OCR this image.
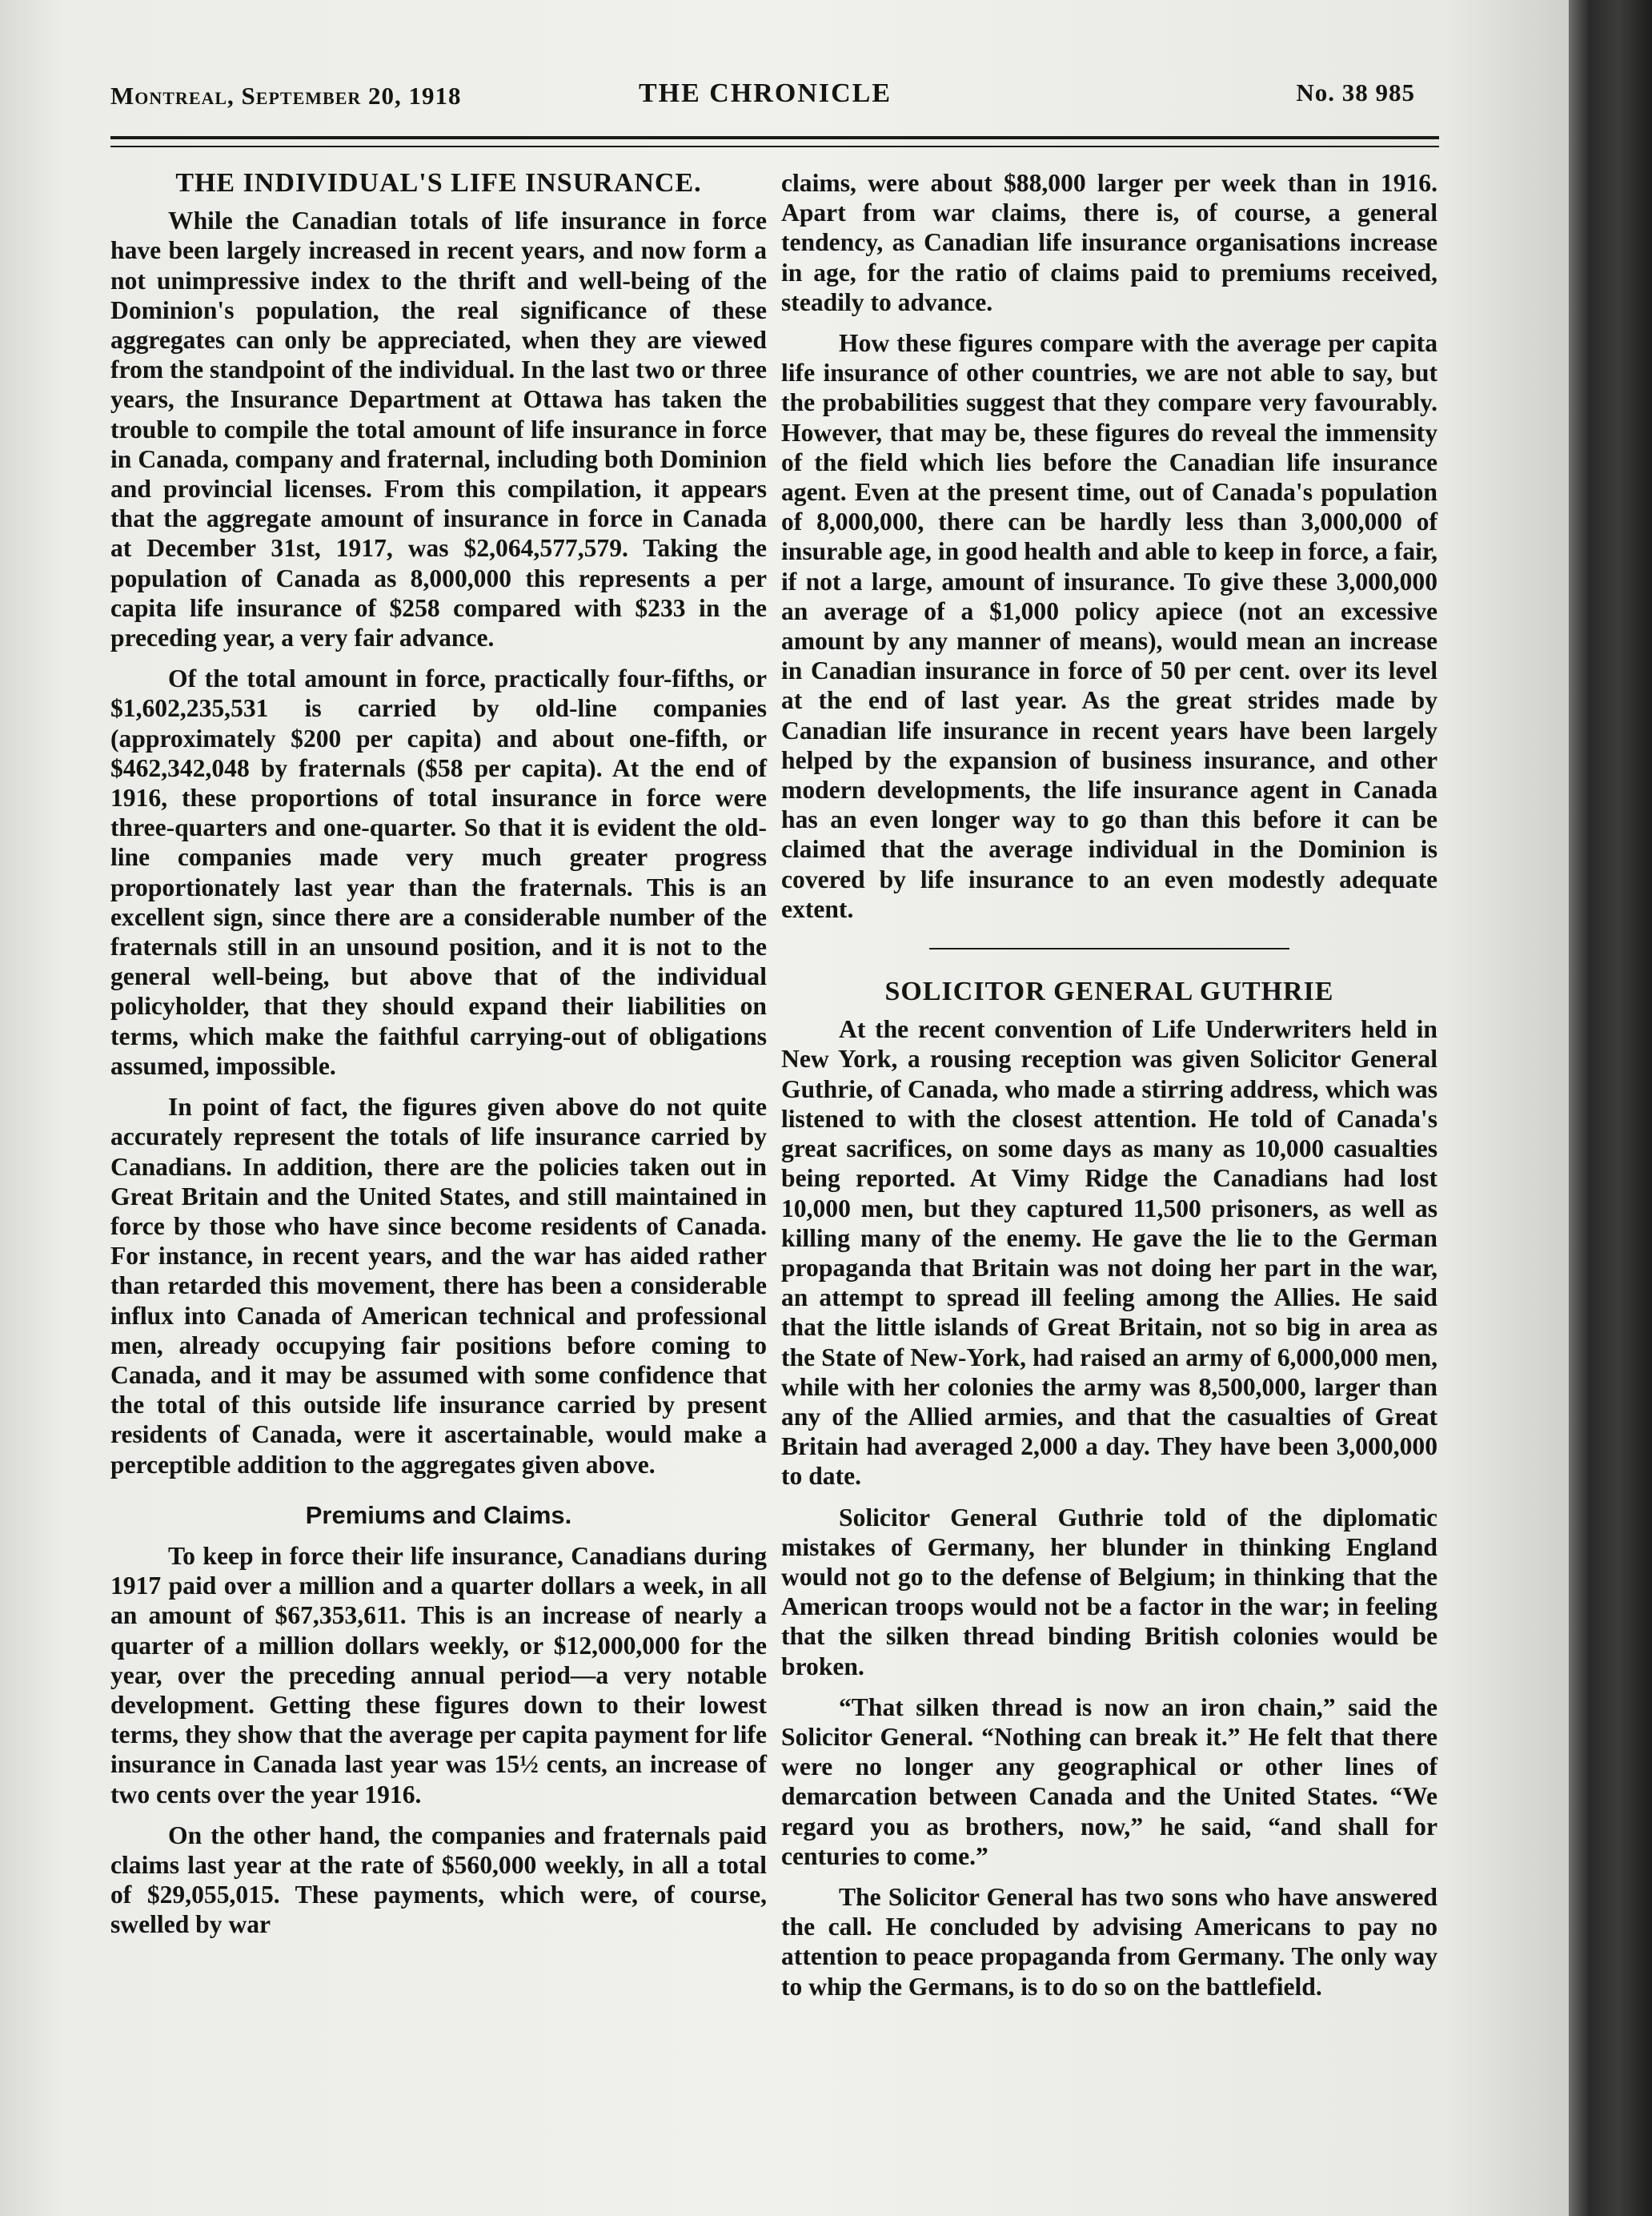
Montreal, September 20, 1918	THE CHRONICLE	No. 38 985
THE INDIVIDUAL'S LIFE INSURANCE.

While the Canadian totals of life insurance in force have been largely increased in recent years, and now form a not unimpressive index to the thrift and well-being of the Dominion's population, the real significance of these aggregates can only be appreciated, when they are viewed from the standpoint of the individual. In the last two or three years, the Insurance Department at Ottawa has taken the trouble to compile the total amount of life insurance in force in Canada, company and fraternal, including both Dominion and provincial licenses. From this compilation, it appears that the aggregate amount of insurance in force in Canada at December 31st, 1917, was $2,064,577,579. Taking the population of Canada as 8,000,000 this represents a per capita life insurance of $258 compared with $233 in the preceding year, a very fair advance.

Of the total amount in force, practically four-fifths, or $1,602,235,531 is carried by old-line companies (approximately $200 per capita) and about one-fifth, or $462,342,048 by fraternals ($58 per capita). At the end of 1916, these proportions of total insurance in force were three-quarters and one-quarter. So that it is evident the old-line companies made very much greater progress proportionately last year than the fraternals. This is an excellent sign, since there are a considerable number of the fraternals still in an unsound position, and it is not to the general well-being, but above that of the individual policyholder, that they should expand their liabilities on terms, which make the faithful carrying-out of obligations assumed, impossible.

In point of fact, the figures given above do not quite accurately represent the totals of life insurance carried by Canadians. In addition, there are the policies taken out in Great Britain and the United States, and still maintained in force by those who have since become residents of Canada. For instance, in recent years, and the war has aided rather than retarded this movement, there has been a considerable influx into Canada of American technical and professional men, already occupying fair positions before coming to Canada, and it may be assumed with some confidence that the total of this outside life insurance carried by present residents of Canada, were it ascertainable, would make a perceptible addition to the aggregates given above.

Premiums and Claims.

To keep in force their life insurance, Canadians during 1917 paid over a million and a quarter dollars a week, in all an amount of $67,353,611. This is an increase of nearly a quarter of a million dollars weekly, or $12,000,000 for the year, over the preceding annual period—a very notable development. Getting these figures down to their lowest terms, they show that the average per capita payment for life insurance in Canada last year was 15½ cents, an increase of two cents over the year 1916.

On the other hand, the companies and fraternals paid claims last year at the rate of $560,000 weekly, in all a total of $29,055,015. These payments, which were, of course, swelled by war

claims, were about $88,000 larger per week than in 1916. Apart from war claims, there is, of course, a general tendency, as Canadian life insurance organisations increase in age, for the ratio of claims paid to premiums received, steadily to advance.

How these figures compare with the average per capita life insurance of other countries, we are not able to say, but the probabilities suggest that they compare very favourably. However, that may be, these figures do reveal the immensity of the field which lies before the Canadian life insurance agent. Even at the present time, out of Canada's population of 8,000,000, there can be hardly less than 3,000,000 of insurable age, in good health and able to keep in force, a fair, if not a large, amount of insurance. To give these 3,000,000 an average of a $1,000 policy apiece (not an excessive amount by any manner of means), would mean an increase in Canadian insurance in force of 50 per cent. over its level at the end of last year. As the great strides made by Canadian life insurance in recent years have been largely helped by the expansion of business insurance, and other modern developments, the life insurance agent in Canada has an even longer way to go than this before it can be claimed that the average individual in the Dominion is covered by life insurance to an even modestly adequate extent.

SOLICITOR GENERAL GUTHRIE

At the recent convention of Life Underwriters held in New York, a rousing reception was given Solicitor General Guthrie, of Canada, who made a stirring address, which was listened to with the closest attention. He told of Canada's great sacrifices, on some days as many as 10,000 casualties being reported. At Vimy Ridge the Canadians had lost 10,000 men, but they captured 11,500 prisoners, as well as killing many of the enemy. He gave the lie to the German propaganda that Britain was not doing her part in the war, an attempt to spread ill feeling among the Allies. He said that the little islands of Great Britain, not so big in area as the State of New-York, had raised an army of 6,000,000 men, while with her colonies the army was 8,500,000, larger than any of the Allied armies, and that the casualties of Great Britain had averaged 2,000 a day. They have been 3,000,000 to date.

Solicitor General Guthrie told of the diplomatic mistakes of Germany, her blunder in thinking England would not go to the defense of Belgium; in thinking that the American troops would not be a factor in the war; in feeling that the silken thread binding British colonies would be broken.

“That silken thread is now an iron chain,” said the Solicitor General. “Nothing can break it.” He felt that there were no longer any geographical or other lines of demarcation between Canada and the United States. “We regard you as brothers, now,” he said, “and shall for centuries to come.”

The Solicitor General has two sons who have answered the call. He concluded by advising Americans to pay no attention to peace propaganda from Germany. The only way to whip the Germans, is to do so on the battlefield.
